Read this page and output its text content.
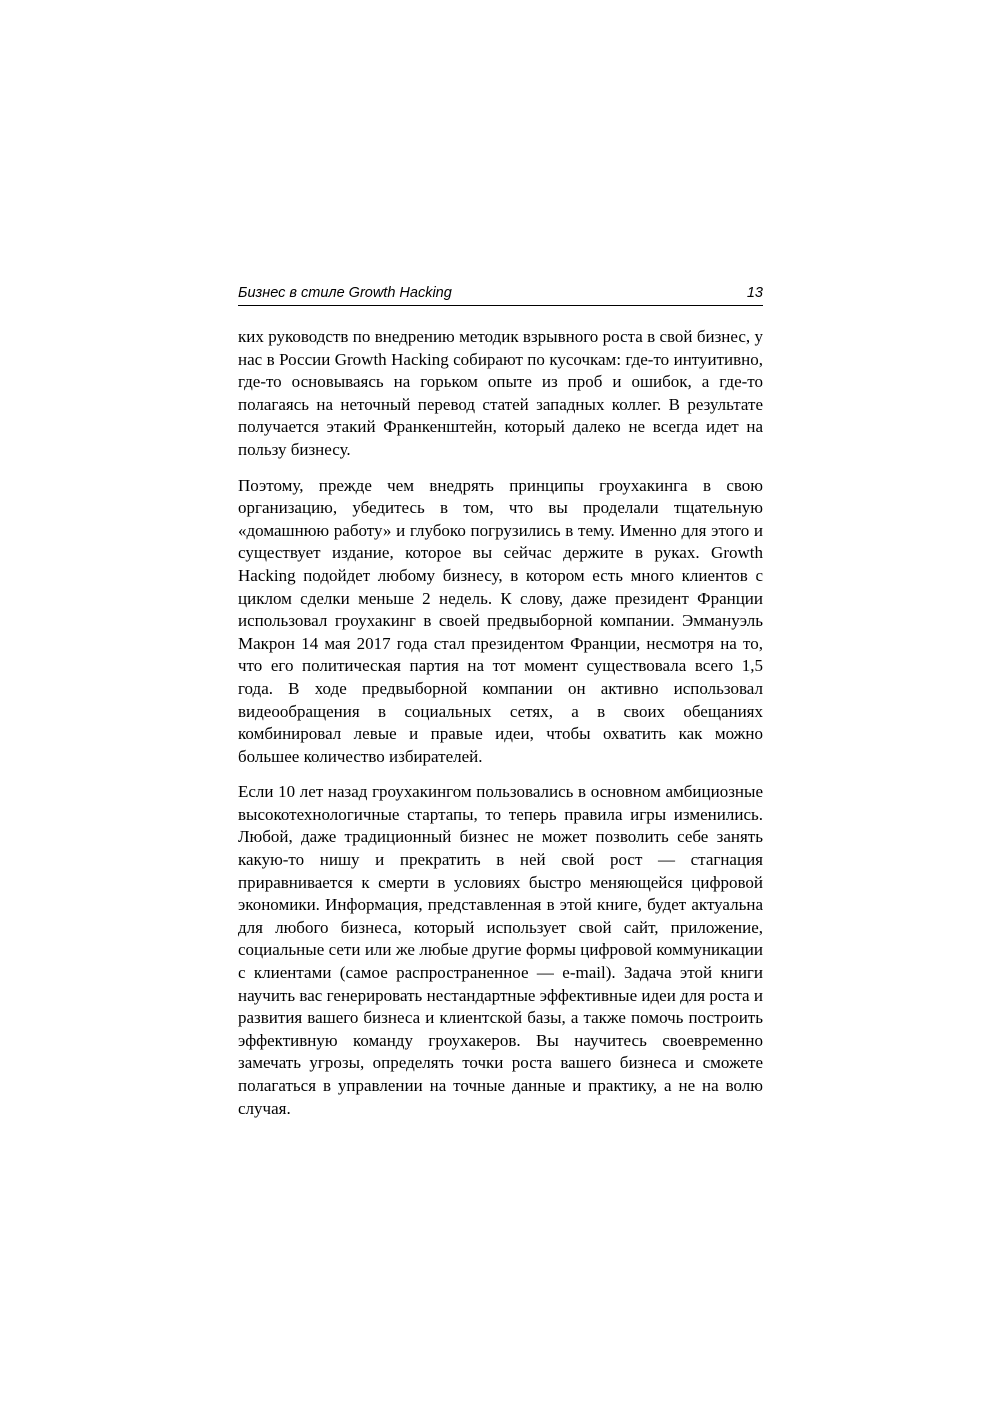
Бизнес в стиле Growth Hacking	13

ких руководств по внедрению методик взрывного роста в свой бизнес, у нас в России Growth Hacking собирают по кусочкам: где-то интуитивно, где-то основываясь на горьком опыте из проб и ошибок, а где-то полагаясь на неточный перевод статей западных коллег. В результате получается этакий Франкенштейн, который далеко не всегда идет на пользу бизнесу.

Поэтому, прежде чем внедрять принципы гроухакинга в свою организацию, убедитесь в том, что вы проделали тщательную «домашнюю работу» и глубоко погрузились в тему. Именно для этого и существует издание, которое вы сейчас держите в руках. Growth Hacking подойдет любому бизнесу, в котором есть много клиентов с циклом сделки меньше 2 недель. К слову, даже президент Франции использовал гроухакинг в своей предвыборной компании. Эммануэль Макрон 14 мая 2017 года стал президентом Франции, несмотря на то, что его политическая партия на тот момент существовала всего 1,5 года. В ходе предвыборной компании он активно использовал видеообращения в социальных сетях, а в своих обещаниях комбинировал левые и правые идеи, чтобы охватить как можно большее количество избирателей.

Если 10 лет назад гроухакингом пользовались в основном амбициозные высокотехнологичные стартапы, то теперь правила игры изменились. Любой, даже традиционный бизнес не может позволить себе занять какую-то нишу и прекратить в ней свой рост — стагнация приравнивается к смерти в условиях быстро меняющейся цифровой экономики. Информация, представленная в этой книге, будет актуальна для любого бизнеса, который использует свой сайт, приложение, социальные сети или же любые другие формы цифровой коммуникации с клиентами (самое распространенное — e-mail). Задача этой книги научить вас генерировать нестандартные эффективные идеи для роста и развития вашего бизнеса и клиентской базы, а также помочь построить эффективную команду гроухакеров. Вы научитесь своевременно замечать угрозы, определять точки роста вашего бизнеса и сможете полагаться в управлении на точные данные и практику, а не на волю случая.
